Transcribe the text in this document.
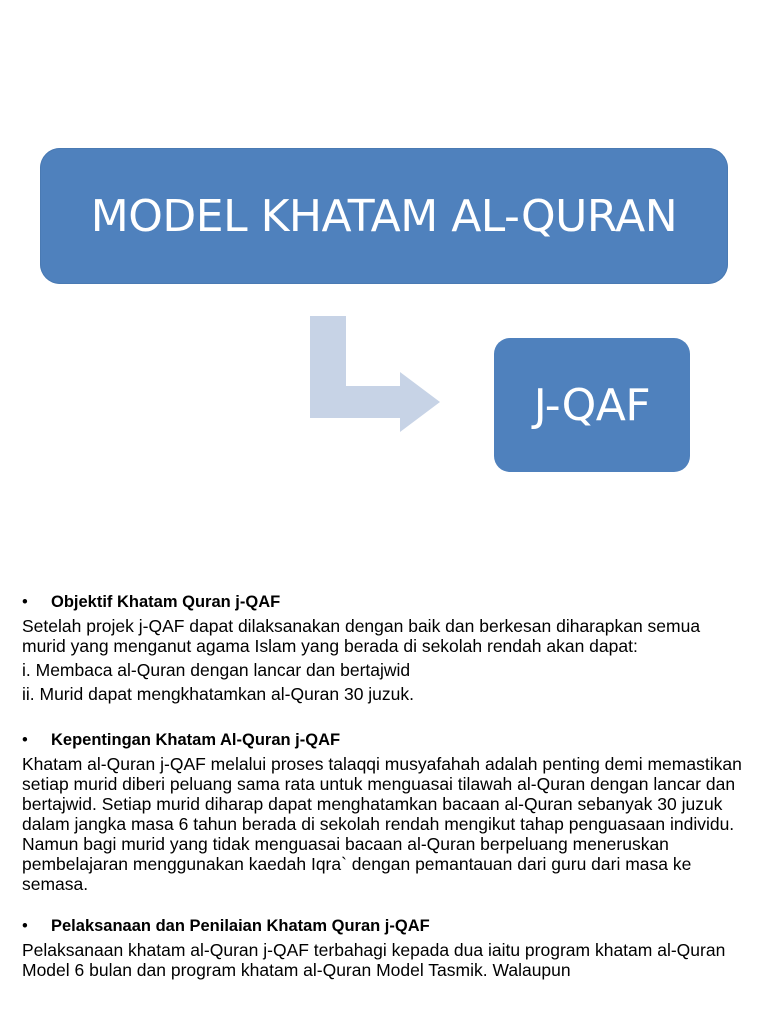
MODEL KHATAM AL-QURAN
J-QAF
•	Objektif Khatam Quran j-QAF
Setelah projek j-QAF dapat dilaksanakan dengan baik dan berkesan diharapkan semua murid yang menganut agama Islam yang berada di sekolah rendah akan dapat:
i. Membaca al-Quran dengan lancar dan bertajwid
ii. Murid dapat mengkhatamkan al-Quran 30 juzuk.
•	Kepentingan Khatam Al-Quran j-QAF
Khatam al-Quran j-QAF melalui proses talaqqi musyafahah adalah penting demi memastikan setiap murid diberi peluang sama rata untuk menguasai tilawah al-Quran dengan lancar dan bertajwid. Setiap murid diharap dapat menghatamkan bacaan al-Quran sebanyak 30 juzuk dalam jangka masa 6 tahun berada di sekolah rendah mengikut tahap penguasaan individu. Namun bagi murid yang tidak menguasai bacaan al-Quran berpeluang meneruskan pembelajaran menggunakan kaedah Iqra` dengan pemantauan dari guru dari masa ke semasa.
•	Pelaksanaan dan Penilaian Khatam Quran j-QAF
Pelaksanaan khatam al-Quran j-QAF terbahagi kepada dua iaitu program khatam al-Quran Model 6 bulan dan program khatam al-Quran Model Tasmik. Walaupun
